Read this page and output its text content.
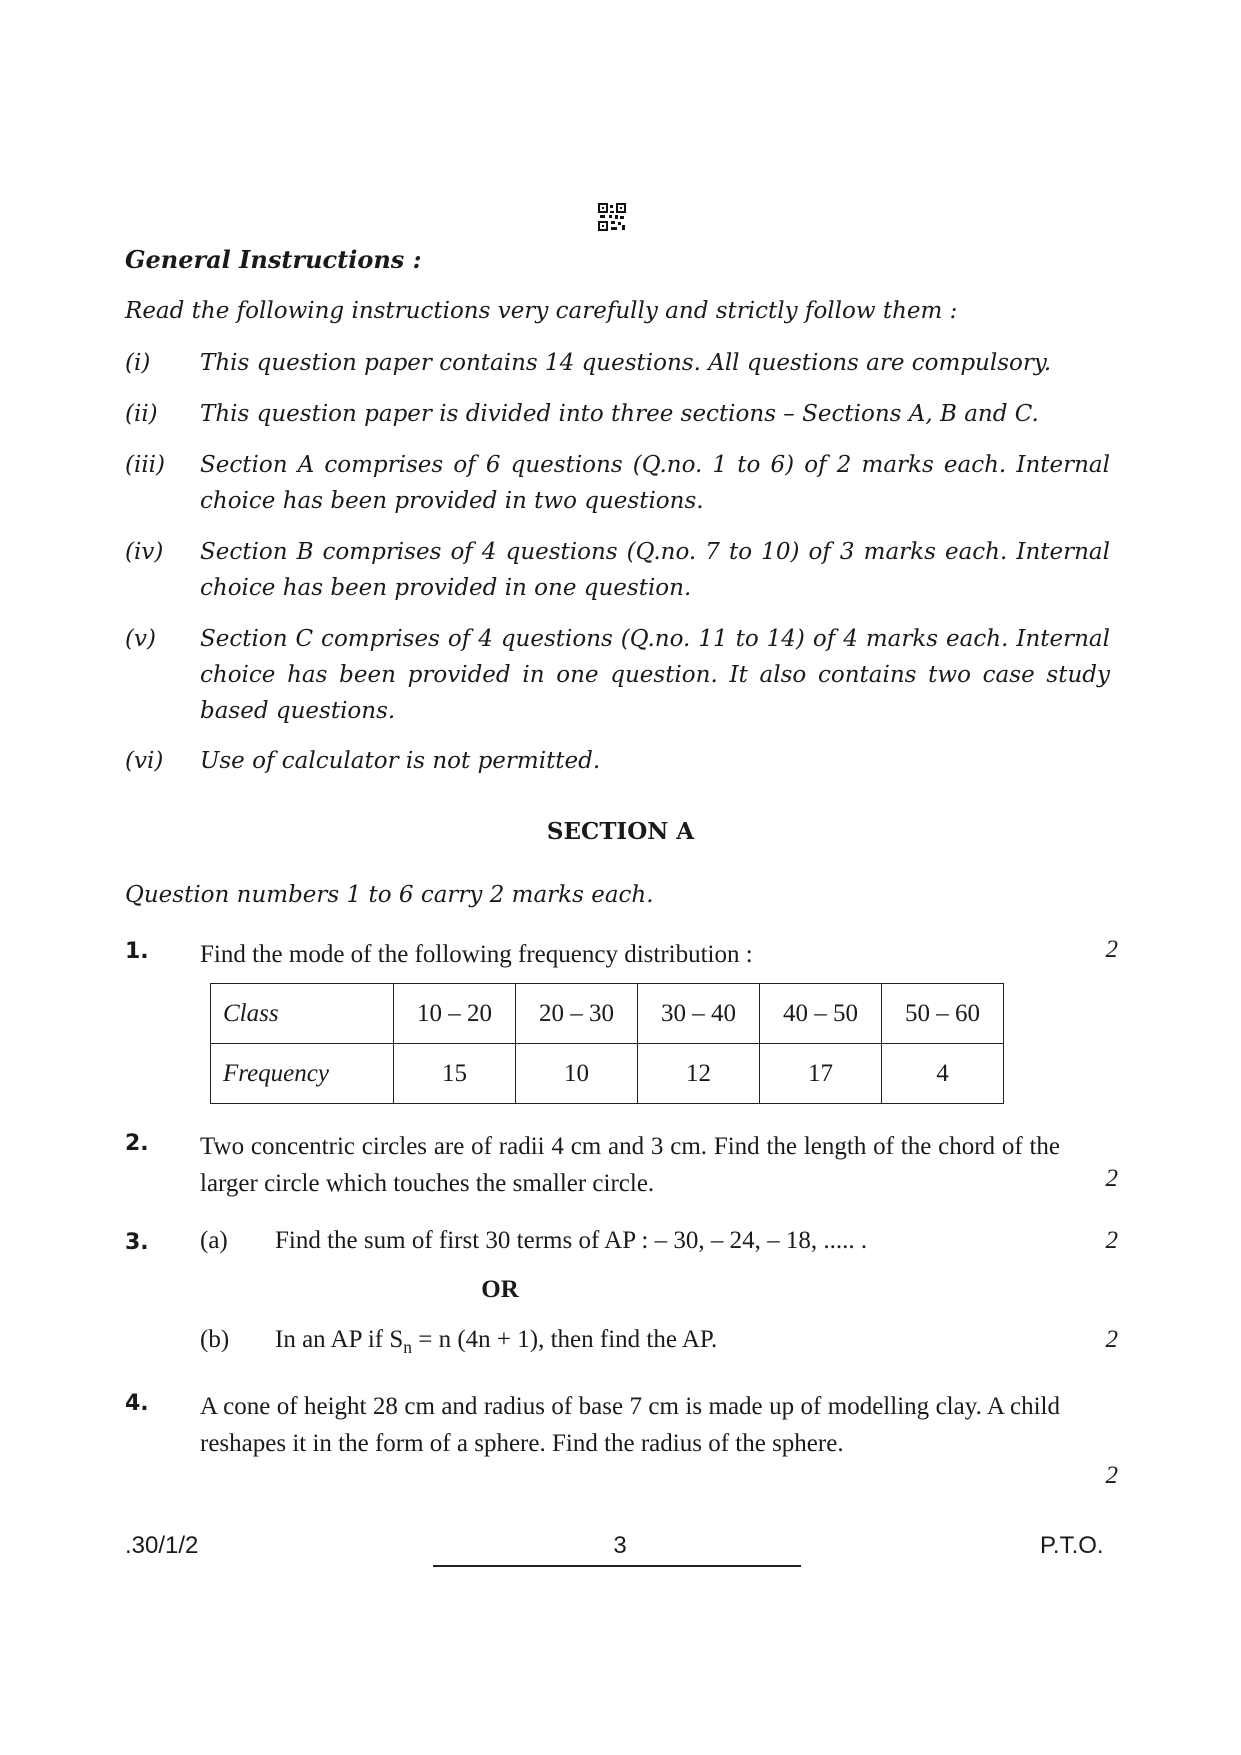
General Instructions :
Read the following instructions very carefully and strictly follow them :
(i) This question paper contains 14 questions. All questions are compulsory.
(ii) This question paper is divided into three sections – Sections A, B and C.
(iii) Section A comprises of 6 questions (Q.no. 1 to 6) of 2 marks each. Internal choice has been provided in two questions.
(iv) Section B comprises of 4 questions (Q.no. 7 to 10) of 3 marks each. Internal choice has been provided in one question.
(v) Section C comprises of 4 questions (Q.no. 11 to 14) of 4 marks each. Internal choice has been provided in one question. It also contains two case study based questions.
(vi) Use of calculator is not permitted.
SECTION A
Question numbers 1 to 6 carry 2 marks each.
1. Find the mode of the following frequency distribution :	2
Class	10 – 20	20 – 30	30 – 40	40 – 50	50 – 60
Frequency	15	10	12	17	4
2. Two concentric circles are of radii 4 cm and 3 cm. Find the length of the chord of the larger circle which touches the smaller circle.	2
3. (a) Find the sum of first 30 terms of AP : – 30, – 24, – 18, ..... .	2
OR
(b) In an AP if $S_n = n$ (4n + 1), then find the AP.	2
4. A cone of height 28 cm and radius of base 7 cm is made up of modelling clay. A child reshapes it in the form of a sphere. Find the radius of the sphere.
2
.30/1/2	3	P.T.O.
